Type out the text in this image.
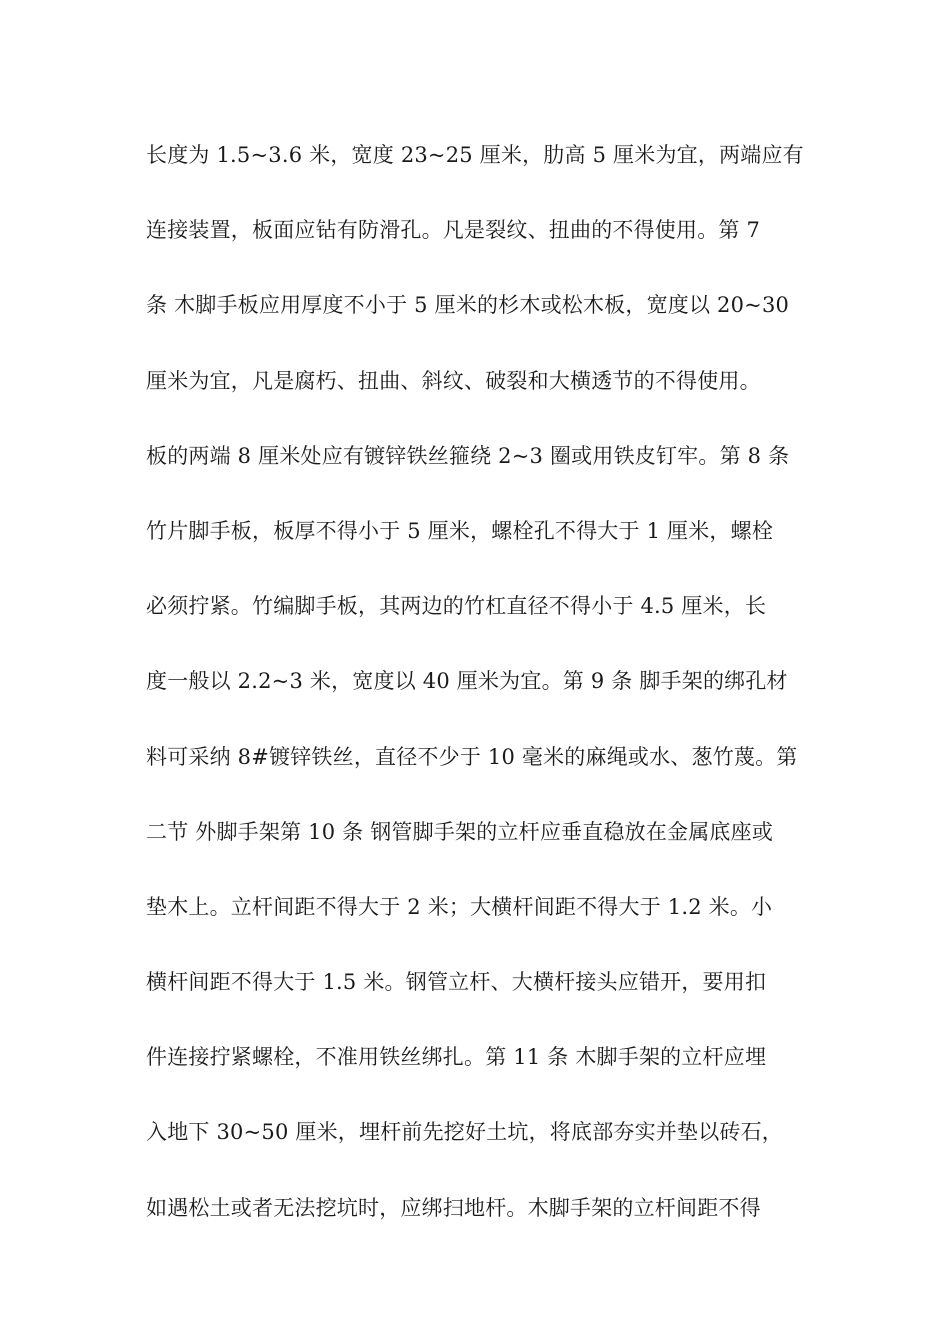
长度为 1.5~3.6 米，宽度 23~25 厘米，肋高 5 厘米为宜，两端应有
连接装置，板面应钻有防滑孔。凡是裂纹、扭曲的不得使用。第 7
条 木脚手板应用厚度不小于 5 厘米的杉木或松木板，宽度以 20~30
厘米为宜，凡是腐朽、扭曲、斜纹、破裂和大横透节的不得使用。
板的两端 8 厘米处应有镀锌铁丝箍绕 2~3 圈或用铁皮钉牢。第 8 条
竹片脚手板，板厚不得小于 5 厘米，螺栓孔不得大于 1 厘米，螺栓
必须拧紧。竹编脚手板，其两边的竹杠直径不得小于 4.5 厘米，长
度一般以 2.2~3 米，宽度以 40 厘米为宜。第 9 条 脚手架的绑孔材
料可采纳 8#镀锌铁丝，直径不少于 10 毫米的麻绳或水、葱竹蔑。第
二节 外脚手架第 10 条 钢管脚手架的立杆应垂直稳放在金属底座或
垫木上。立杆间距不得大于 2 米；大横杆间距不得大于 1.2 米。小
横杆间距不得大于 1.5 米。钢管立杆、大横杆接头应错开，要用扣
件连接拧紧螺栓，不准用铁丝绑扎。第 11 条 木脚手架的立杆应埋
入地下 30~50 厘米，埋杆前先挖好土坑，将底部夯实并垫以砖石，
如遇松土或者无法挖坑时，应绑扫地杆。木脚手架的立杆间距不得
